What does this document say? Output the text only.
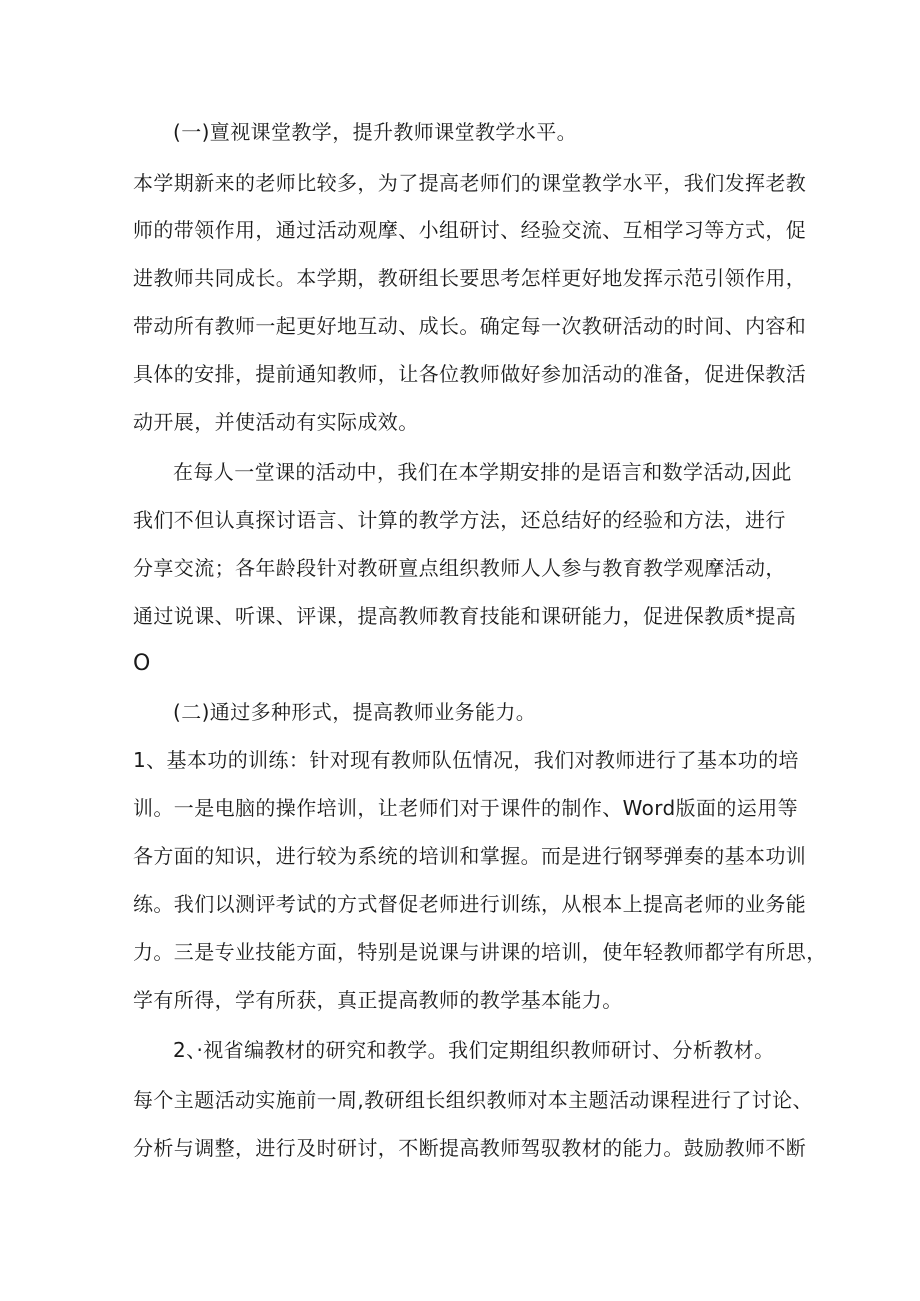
(一)亶视课堂教学，提升教师课堂教学水平。
本学期新来的老师比较多，为了提高老师们的课堂教学水平，我们发挥老教
师的带领作用，通过活动观摩、小组研讨、经验交流、互相学习等方式，促
进教师共同成长。本学期，教研组长要思考怎样更好地发挥示范引领作用，
带动所有教师一起更好地互动、成长。确定每一次教研活动的时间、内容和
具体的安排，提前通知教师，让各位教师做好参加活动的准备，促进保教活
动开展，并使活动有实际成效。
在每人一堂课的活动中，我们在本学期安排的是语言和数学活动,因此
我们不但认真探讨语言、计算的教学方法，还总结好的经验和方法，进行
分享交流；各年龄段针对教研亶点组织教师人人参与教育教学观摩活动，
通过说课、听课、评课，提高教师教育技能和课研能力，促进保教质*提高
O
(二)通过多种形式，提高教师业务能力。
1、基本功的训练：针对现有教师队伍情况，我们对教师进行了基本功的培
训。一是电脑的操作培训，让老师们对于课件的制作、Word版面的运用等
各方面的知识，进行较为系统的培训和掌握。而是进行钢琴弹奏的基本功训
练。我们以测评考试的方式督促老师进行训练，从根本上提高老师的业务能
力。三是专业技能方面，特别是说课与讲课的培训，使年轻教师都学有所思，
学有所得，学有所获，真正提高教师的教学基本能力。
2、·视省编教材的研究和教学。我们定期组织教师研讨、分析教材。
每个主题活动实施前一周,教研组长组织教师对本主题活动课程进行了讨论、
分析与调整，进行及时研讨，不断提高教师驾驭教材的能力。鼓励教师不断
